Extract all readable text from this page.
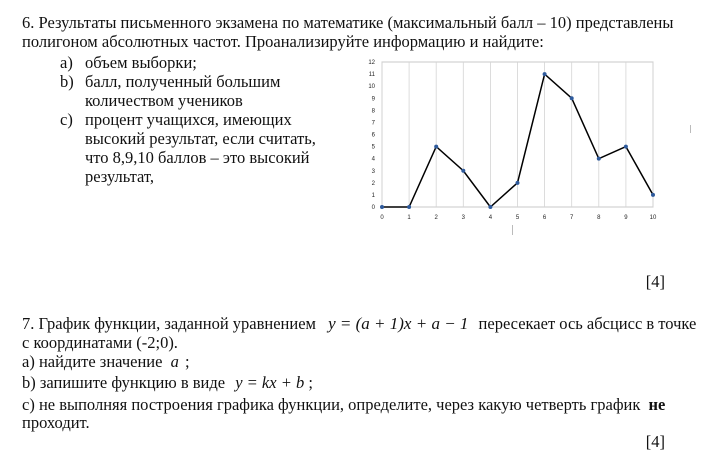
6. Результаты письменного экзамена по математике (максимальный балл – 10) представлены
полигоном абсолютных частот. Проанализируйте информацию и найдите:
a) объем выборки;
b) балл, полученный большим
количеством учеников
c) процент учащихся, имеющих
высокий результат, если считать,
что 8,9,10 баллов – это высокий
результат,
0
1
2
3
4
5
6
7
8
9
10
11
12
0	1	2	3	4	5	6	7	8	9	10
[4]
7. График функции, заданной уравнением y = (a + 1)x + a − 1 пересекает ось абсцисс в точке
с координатами (-2;0).
а) найдите значение a ;
b) запишите функцию в виде y = kx + b ;
c) не выполняя построения графика функции, определите, через какую четверть график не
проходит.
[4]
